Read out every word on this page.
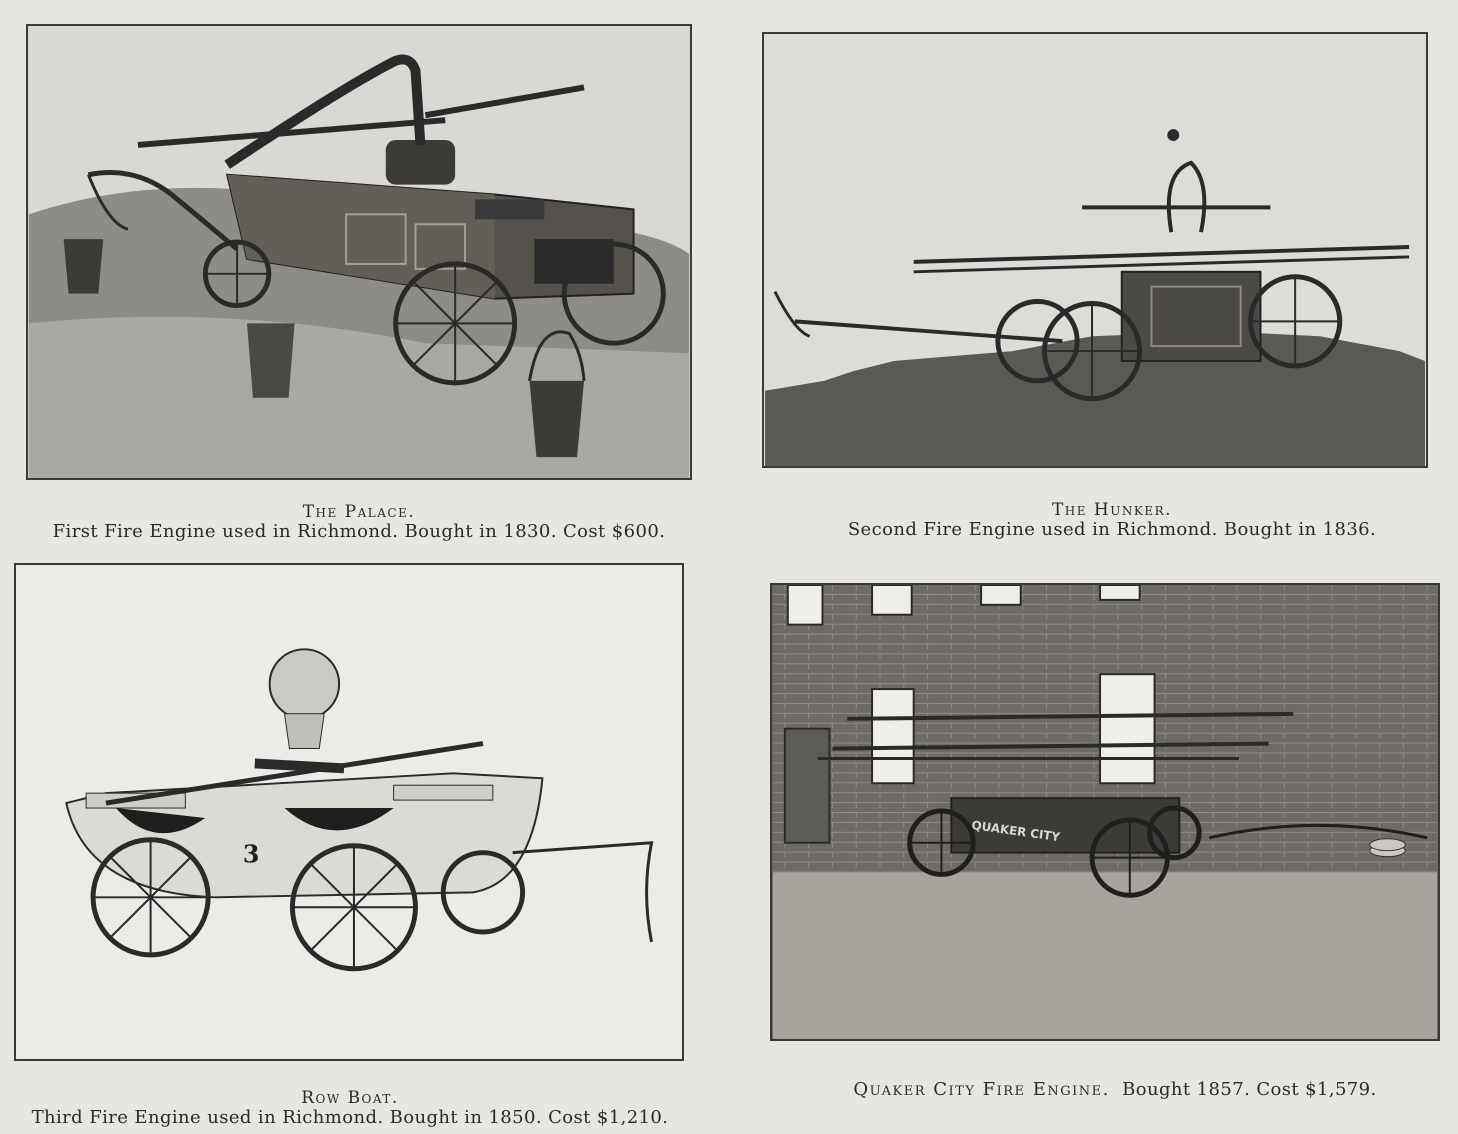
The Palace.
First Fire Engine used in Richmond. Bought in 1830. Cost $600.
The Hunker.
Second Fire Engine used in Richmond. Bought in 1836.
3
Row Boat.
Third Fire Engine used in Richmond. Bought in 1850. Cost $1,210.
QUAKER CITY
Quaker City Fire Engine. Bought 1857. Cost $1,579.
